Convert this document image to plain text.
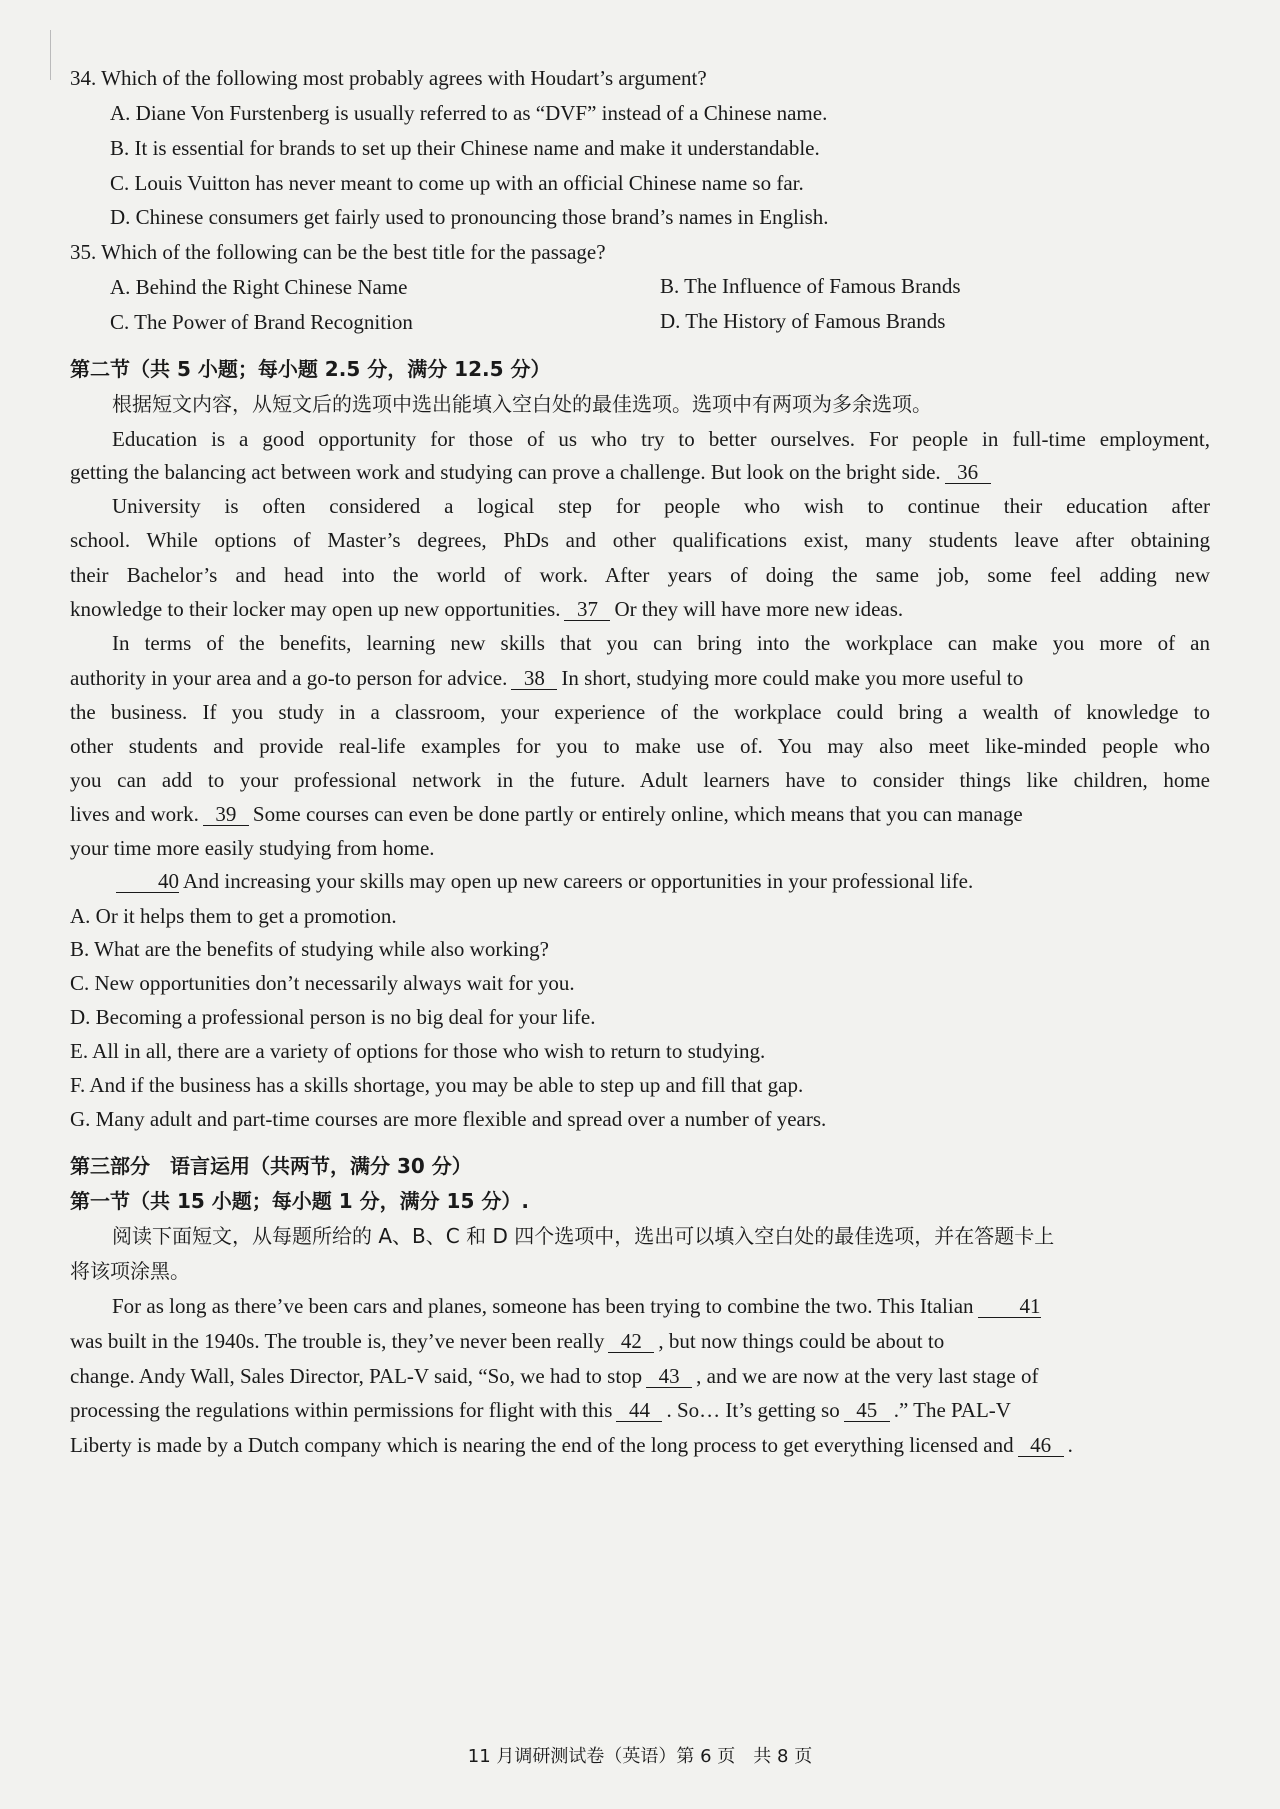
34. Which of the following most probably agrees with Houdart’s argument?
A. Diane Von Furstenberg is usually referred to as “DVF” instead of a Chinese name.
B. It is essential for brands to set up their Chinese name and make it understandable.
C. Louis Vuitton has never meant to come up with an official Chinese name so far.
D. Chinese consumers get fairly used to pronouncing those brand’s names in English.
35. Which of the following can be the best title for the passage?
A. Behind the Right Chinese Name	B. The Influence of Famous Brands
C. The Power of Brand Recognition	D. The History of Famous Brands
第二节（共 5 小题；每小题 2.5 分，满分 12.5 分）
根据短文内容，从短文后的选项中选出能填入空白处的最佳选项。选项中有两项为多余选项。
Education is a good opportunity for those of us who try to better ourselves. For people in full-time employment,
getting the balancing act between work and studying can prove a challenge. But look on the bright side. 36
University is often considered a logical step for people who wish to continue their education after
school. While options of Master’s degrees, PhDs and other qualifications exist, many students leave after obtaining
their Bachelor’s and head into the world of work. After years of doing the same job, some feel adding new
knowledge to their locker may open up new opportunities. 37 Or they will have more new ideas.
In terms of the benefits, learning new skills that you can bring into the workplace can make you more of an
authority in your area and a go-to person for advice. 38 In short, studying more could make you more useful to
the business. If you study in a classroom, your experience of the workplace could bring a wealth of knowledge to
other students and provide real-life examples for you to make use of. You may also meet like-minded people who
you can add to your professional network in the future. Adult learners have to consider things like children, home
lives and work. 39 Some courses can even be done partly or entirely online, which means that you can manage
your time more easily studying from home.
40 And increasing your skills may open up new careers or opportunities in your professional life.
A. Or it helps them to get a promotion.
B. What are the benefits of studying while also working?
C. New opportunities don’t necessarily always wait for you.
D. Becoming a professional person is no big deal for your life.
E. All in all, there are a variety of options for those who wish to return to studying.
F. And if the business has a skills shortage, you may be able to step up and fill that gap.
G. Many adult and part-time courses are more flexible and spread over a number of years.
第三部分　语言运用（共两节，满分 30 分）
第一节（共 15 小题；每小题 1 分，满分 15 分）.
阅读下面短文，从每题所给的 A、B、C 和 D 四个选项中，选出可以填入空白处的最佳选项，并在答题卡上
将该项涂黑。
For as long as there’ve been cars and planes, someone has been trying to combine the two. This Italian 41
was built in the 1940s. The trouble is, they’ve never been really 42 , but now things could be about to
change. Andy Wall, Sales Director, PAL-V said, “So, we had to stop 43 , and we are now at the very last stage of
processing the regulations within permissions for flight with this 44 . So… It’s getting so 45 .” The PAL-V
Liberty is made by a Dutch company which is nearing the end of the long process to get everything licensed and 46 .
11 月调研测试卷（英语）第 6 页　共 8 页
